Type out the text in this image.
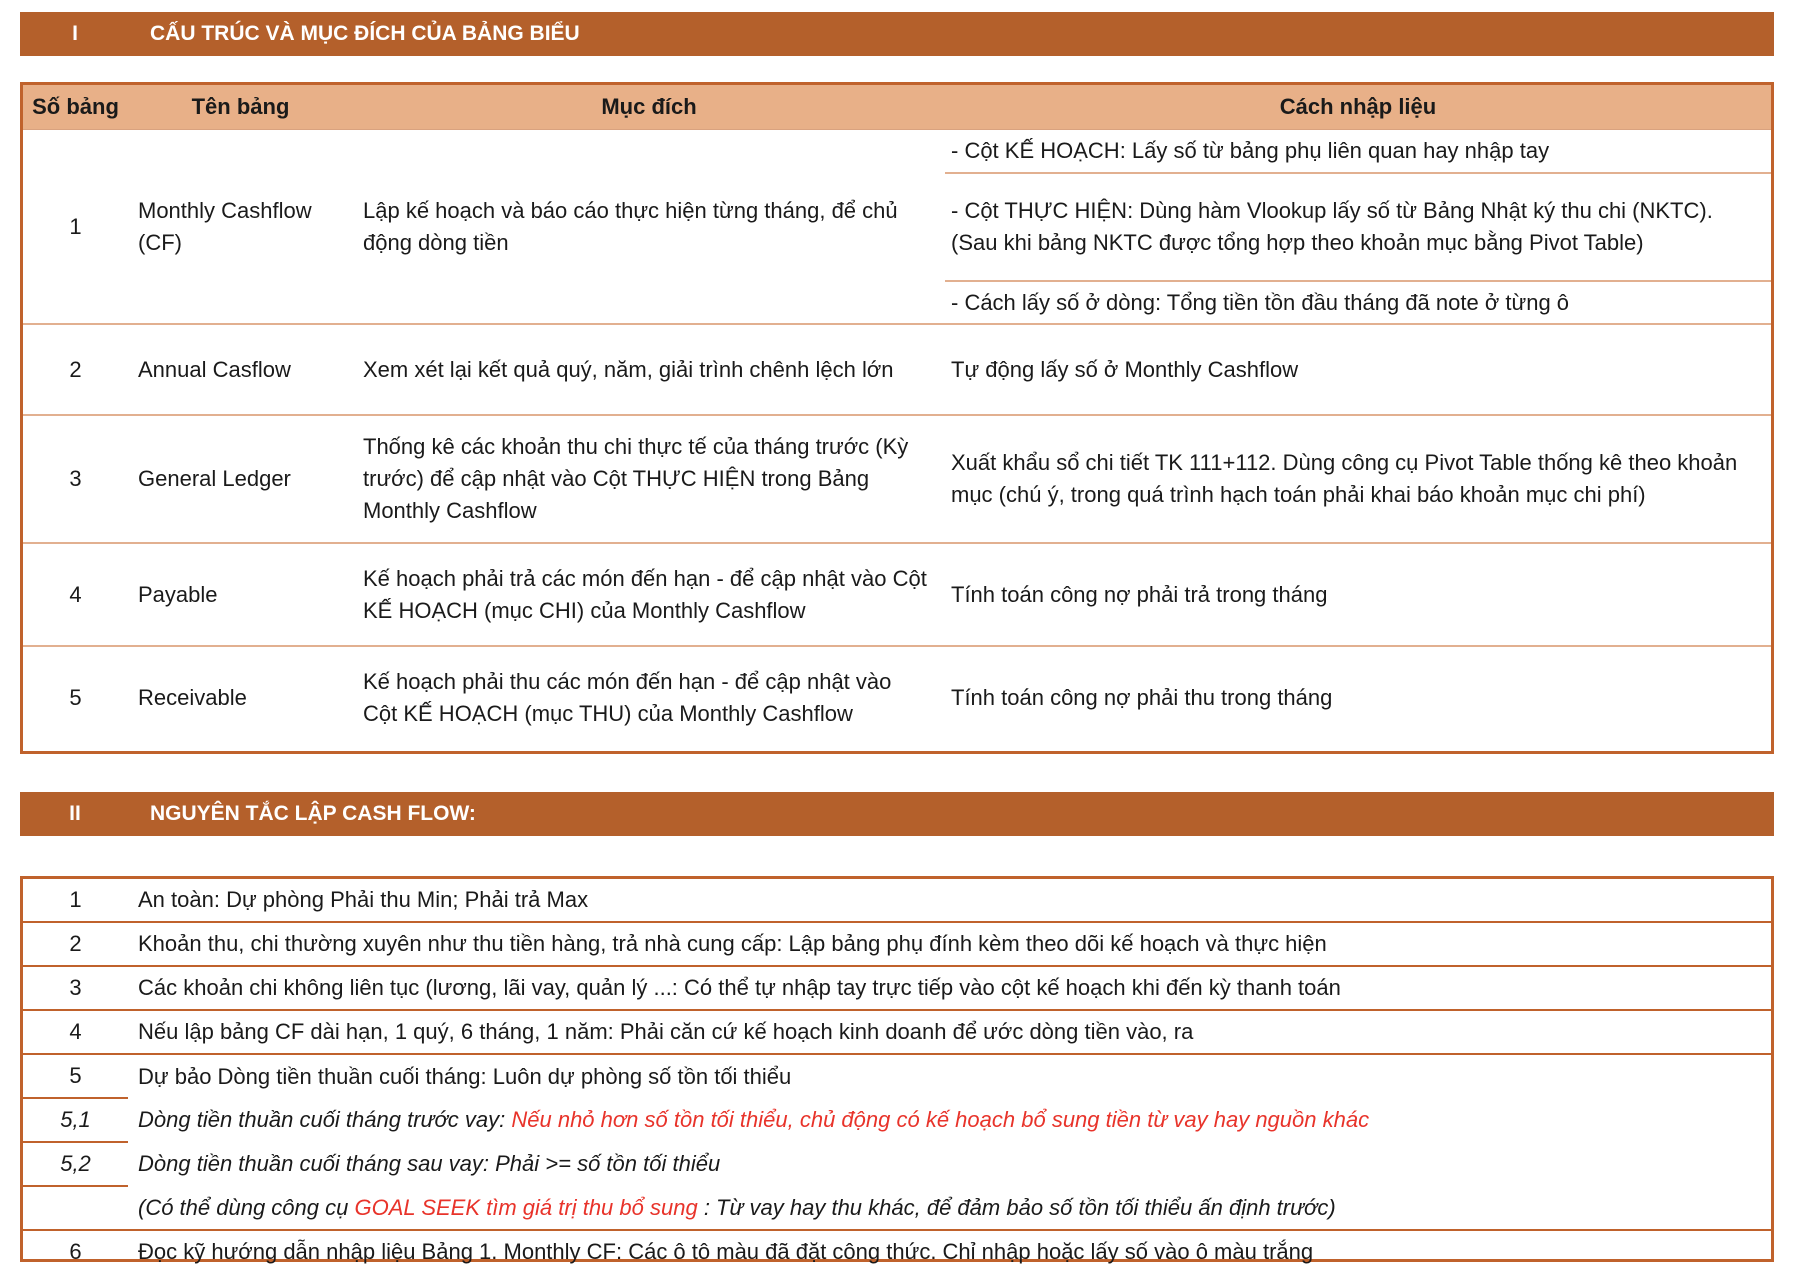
I	CẤU TRÚC VÀ MỤC ĐÍCH CỦA BẢNG BIỂU
Số bảng	Tên bảng	Mục đích	Cách nhập liệu
1	Monthly Cashflow (CF)	Lập kế hoạch và báo cáo thực hiện từng tháng, để chủ động dòng tiền	- Cột KẾ HOẠCH: Lấy số từ bảng phụ liên quan hay nhập tay
- Cột THỰC HIỆN: Dùng hàm Vlookup lấy số từ Bảng Nhật ký thu chi (NKTC). (Sau khi bảng NKTC được tổng hợp theo khoản mục bằng Pivot Table)
- Cách lấy số ở dòng: Tổng tiền tồn đầu tháng đã note ở từng ô

2	Annual Casflow	Xem xét lại kết quả quý, năm, giải trình chênh lệch lớn	Tự động lấy số ở Monthly Cashflow
3	General Ledger	Thống kê các khoản thu chi thực tế của tháng trước (Kỳ trước) để cập nhật vào Cột THỰC HIỆN trong Bảng Monthly Cashflow	Xuất khẩu sổ chi tiết TK 111+112. Dùng công cụ Pivot Table thống kê theo khoản mục (chú ý, trong quá trình hạch toán phải khai báo khoản mục chi phí)
4	Payable	Kế hoạch phải trả các món đến hạn - để cập nhật vào Cột KẾ HOẠCH (mục CHI) của Monthly Cashflow	Tính toán công nợ phải trả trong tháng
5	Receivable	Kế hoạch phải thu các món đến hạn - để cập nhật vào Cột KẾ HOẠCH (mục THU) của Monthly Cashflow	Tính toán công nợ phải thu trong tháng
II	NGUYÊN TẮC LẬP CASH FLOW:
1	An toàn: Dự phòng Phải thu Min; Phải trả Max
2	Khoản thu, chi thường xuyên như thu tiền hàng, trả nhà cung cấp: Lập bảng phụ đính kèm theo dõi kế hoạch và thực hiện
3	Các khoản chi không liên tục (lương, lãi vay, quản lý ...: Có thể tự nhập tay trực tiếp vào cột kế hoạch khi đến kỳ thanh toán
4	Nếu lập bảng CF dài hạn, 1 quý, 6 tháng, 1 năm: Phải căn cứ kế hoạch kinh doanh để ước dòng tiền vào, ra
5	Dự bảo Dòng tiền thuần cuối tháng: Luôn dự phòng số tồn tối thiểu
5,1	Dòng tiền thuần cuối tháng trước vay: Nếu nhỏ hơn số tồn tối thiểu, chủ động có kế hoạch bổ sung tiền từ vay hay nguồn khác
5,2	Dòng tiền thuần cuối tháng sau vay: Phải >= số tồn tối thiểu
	(Có thể dùng công cụ GOAL SEEK tìm giá trị thu bổ sung : Từ vay hay thu khác, để đảm bảo số tồn tối thiểu ấn định trước)
6	Đọc kỹ hướng dẫn nhập liệu Bảng 1. Monthly CF: Các ô tô màu đã đặt công thức. Chỉ nhập hoặc lấy số vào ô màu trắng
